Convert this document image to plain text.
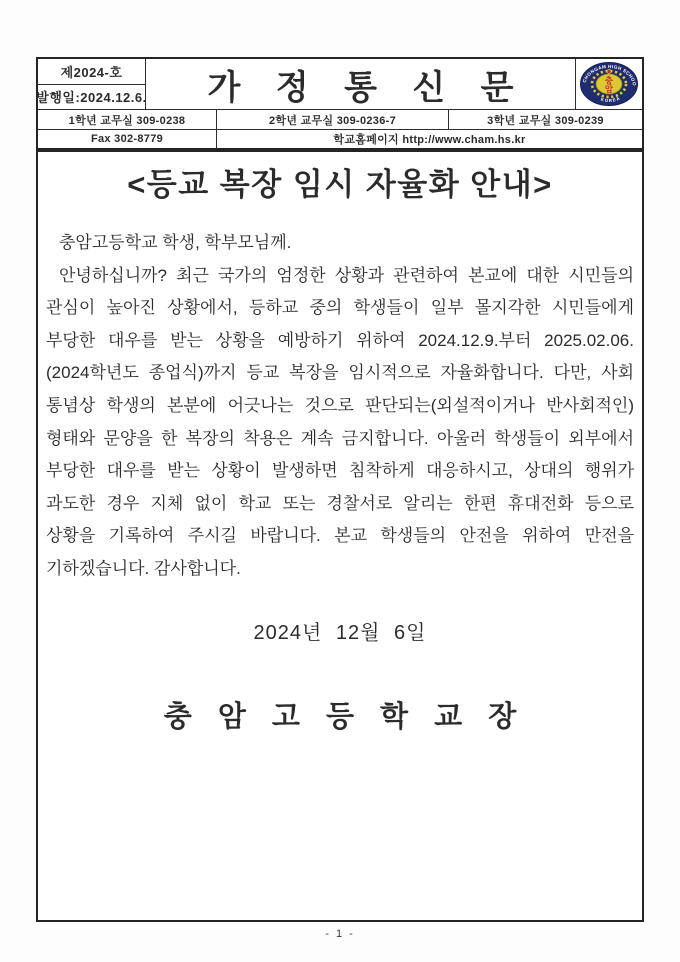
제2024-호
발행일:2024.12.6.	가 정 통 신 문	CHONGAM HIGH SCHOO
KOREA
충
암
1학년 교무실 309-0238	2학년 교무실 309-0236-7	3학년 교무실 309-0239
Fax 302-8779	학교홈페이지 http://www.cham.hs.kr
<등교 복장 임시 자율화 안내>
충암고등학교 학생, 학부모님께.
안녕하십니까? 최근 국가의 엄정한 상황과 관련하여 본교에 대한 시민들의
관심이 높아진 상황에서, 등하교 중의 학생들이 일부 몰지각한 시민들에게
부당한 대우를 받는 상황을 예방하기 위하여 2024.12.9.부터 2025.02.06.
(2024학년도 종업식)까지 등교 복장을 임시적으로 자율화합니다. 다만, 사회
통념상 학생의 본분에 어긋나는 것으로 판단되는(외설적이거나 반사회적인)
형태와 문양을 한 복장의 착용은 계속 금지합니다. 아울러 학생들이 외부에서
부당한 대우를 받는 상황이 발생하면 침착하게 대응하시고, 상대의 행위가
과도한 경우 지체 없이 학교 또는 경찰서로 알리는 한편 휴대전화 등으로
상황을 기록하여 주시길 바랍니다. 본교 학생들의 안전을 위하여 만전을
기하겠습니다. 감사합니다.
2024년 12월 6일
충 암 고 등 학 교 장
- 1 -
